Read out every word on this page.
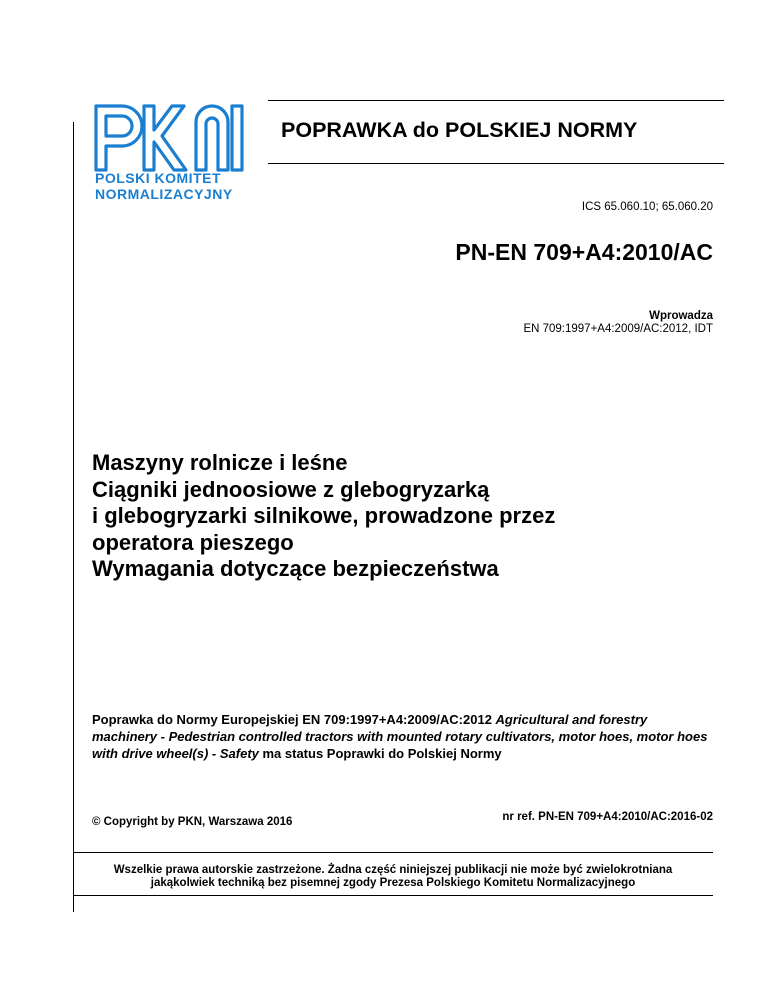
POLSKI KOMITET
NORMALIZACYJNY
POPRAWKA do POLSKIEJ NORMY
ICS 65.060.10; 65.060.20
PN-EN 709+A4:2010/AC
Wprowadza
EN 709:1997+A4:2009/AC:2012, IDT
Maszyny rolnicze i leśne
Ciągniki jednoosiowe z glebogryzarką
i glebogryzarki silnikowe, prowadzone przez
operatora pieszego
Wymagania dotyczące bezpieczeństwa
Poprawka do Normy Europejskiej EN 709:1997+A4:2009/AC:2012 Agricultural and forestry machinery - Pedestrian controlled tractors with mounted rotary cultivators, motor hoes, motor hoes with drive wheel(s) - Safety ma status Poprawki do Polskiej Normy
© Copyright by PKN, Warszawa 2016	nr ref. PN-EN 709+A4:2010/AC:2016-02
Wszelkie prawa autorskie zastrzeżone. Żadna część niniejszej publikacji nie może być zwielokrotniana
jakąkolwiek techniką bez pisemnej zgody Prezesa Polskiego Komitetu Normalizacyjnego
